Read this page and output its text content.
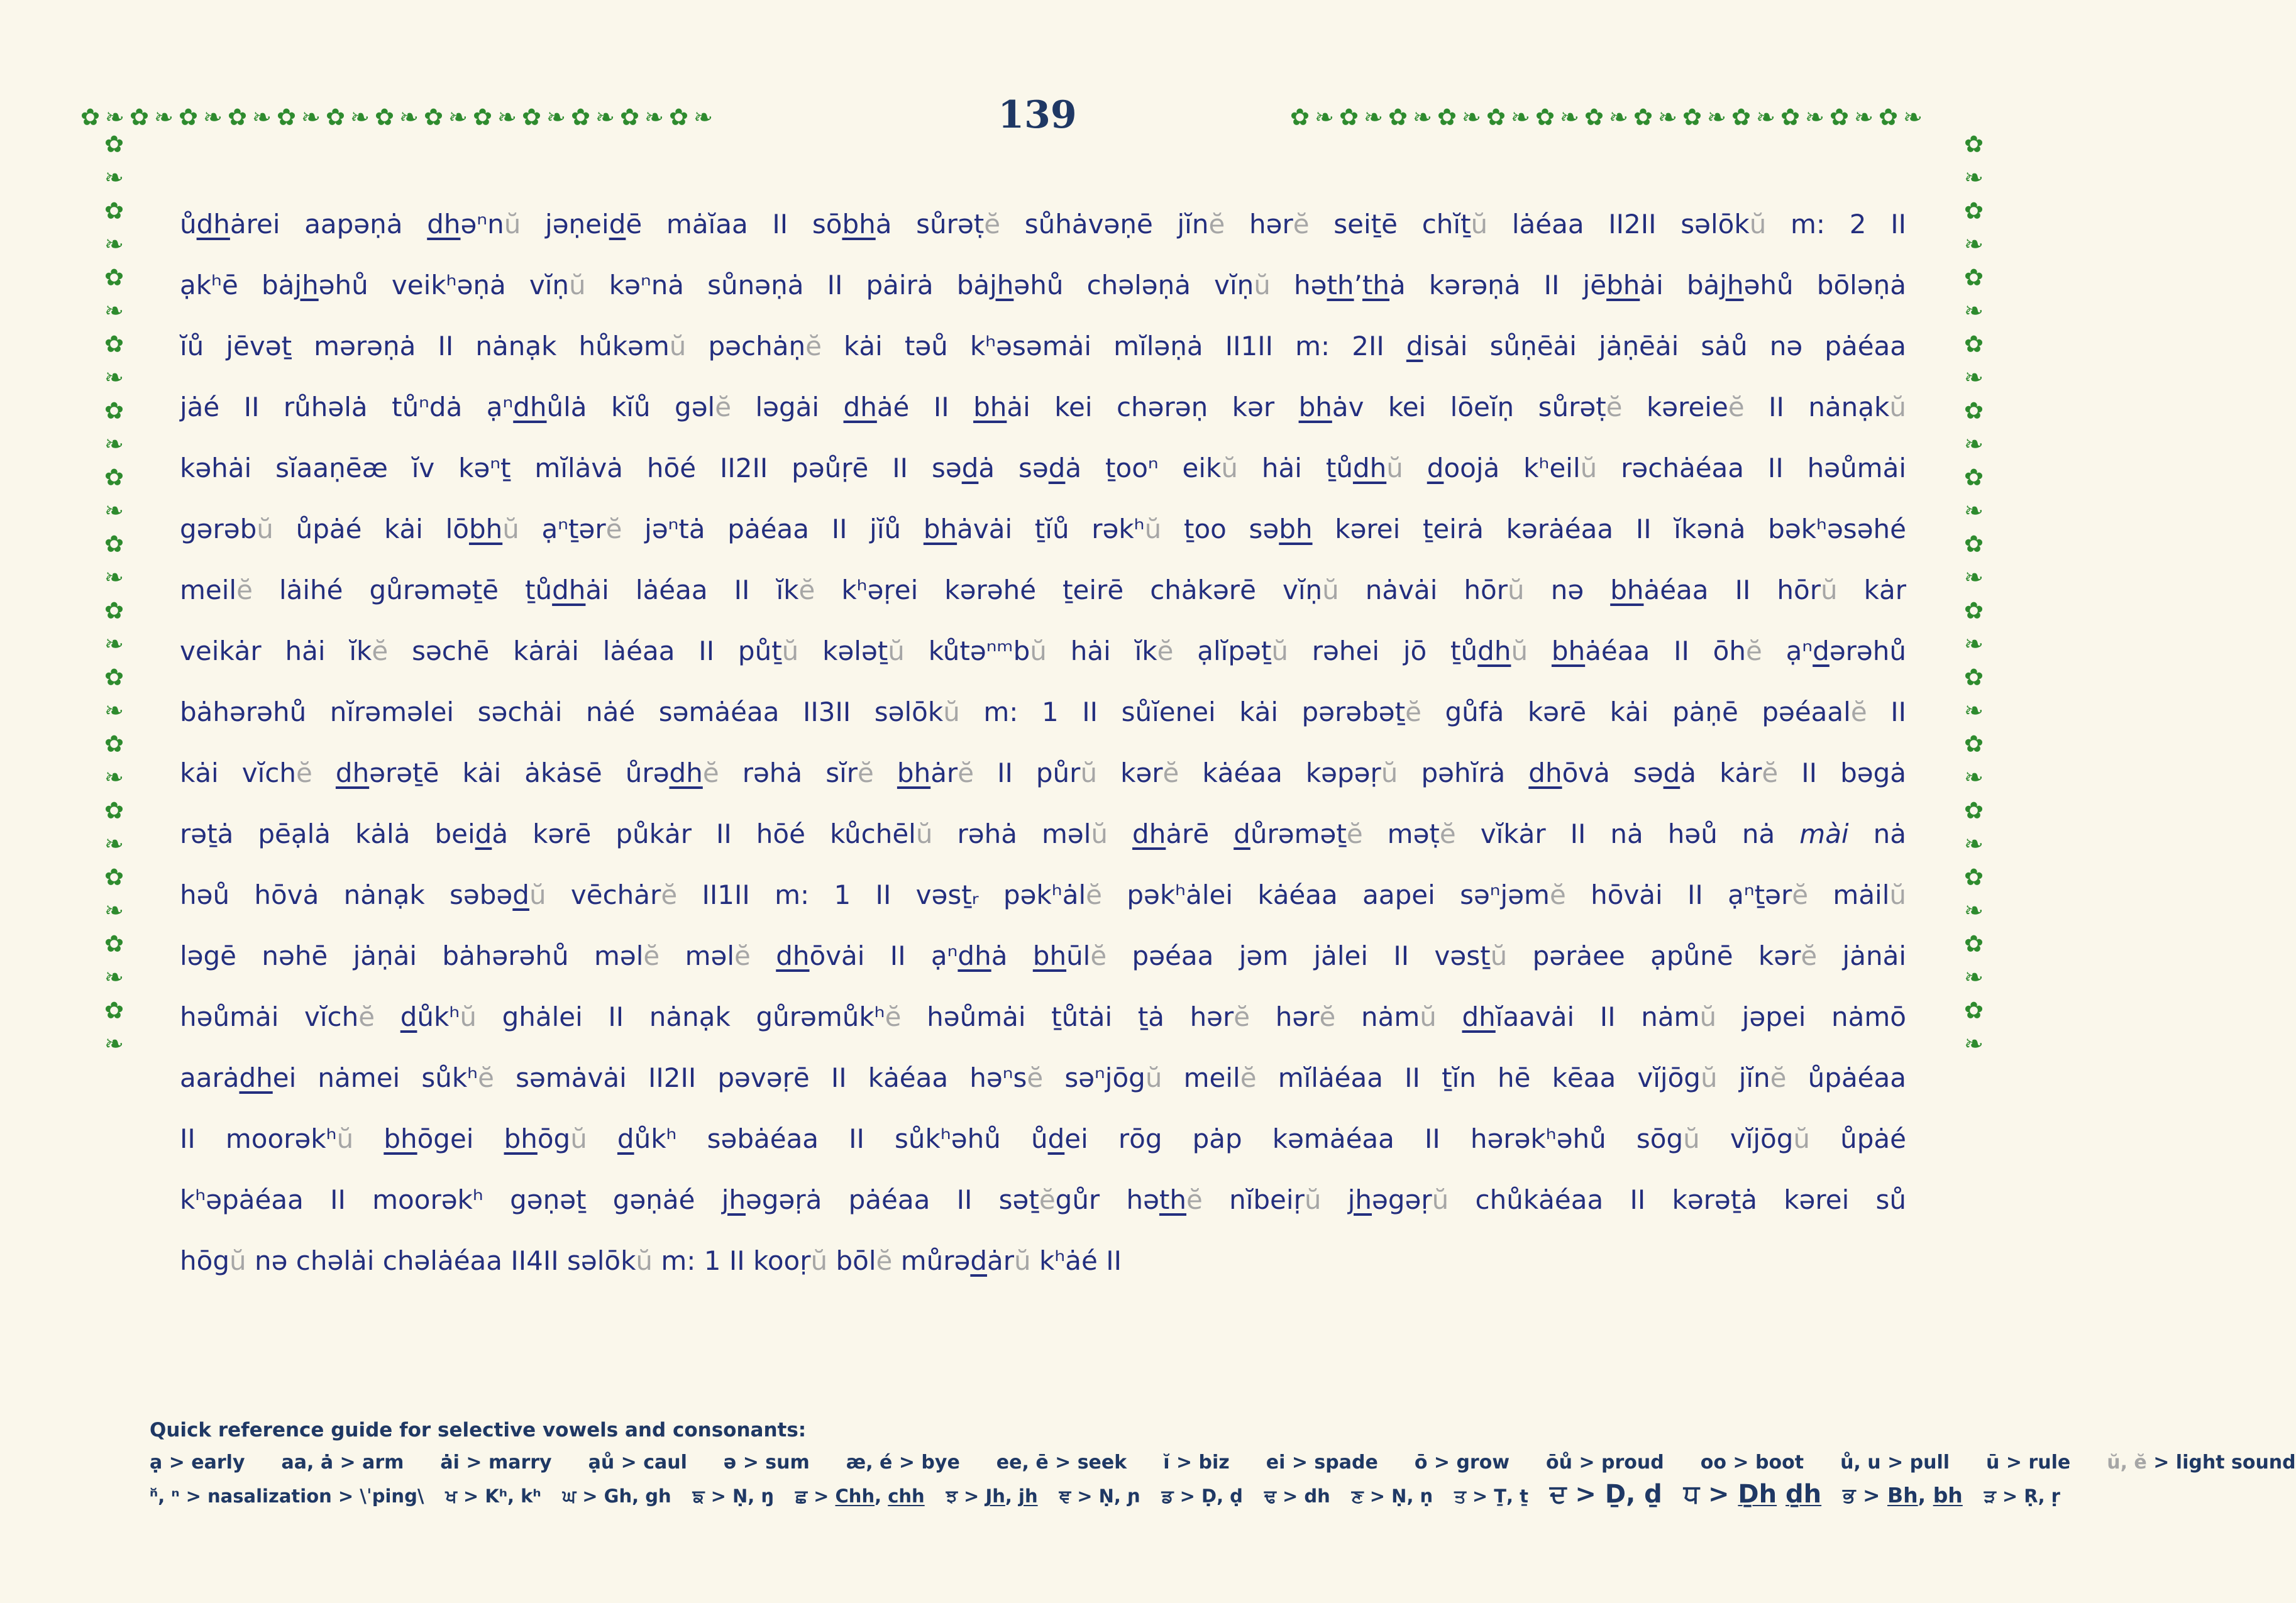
✿❧✿❧✿❧✿❧✿❧✿❧✿❧✿❧✿❧✿❧✿❧✿❧✿❧	139	✿❧✿❧✿❧✿❧✿❧✿❧✿❧✿❧✿❧✿❧✿❧✿❧✿❧
✿❧✿❧✿❧✿❧✿❧✿❧✿❧✿❧✿❧✿❧✿❧✿❧✿❧✿❧	✿❧✿❧✿❧✿❧✿❧✿❧✿❧✿❧✿❧✿❧✿❧✿❧✿❧✿❧
ůdhȧrei aapəṇȧ dhəⁿnŭ jəṇeidē mȧĭaa II sōbhȧ sůrəṭĕ sůhȧvəṇē jĭnĕ hərĕ seiṯē chĭṯŭ lȧéaa II2II səlōkŭ m: 2 II
ạkʰē bȧjhəhů veikʰəṇȧ vĭṇŭ kəⁿnȧ sůnəṇȧ II pȧirȧ bȧjhəhů chələṇȧ vĭṇŭ həth’thȧ kərəṇȧ II jēbhȧi bȧjhəhů bōləṇȧ
ĭů jēvəṯ mərəṇȧ II nȧnạk hůkəmŭ pəchȧṇĕ kȧi təů kʰəsəmȧi mĭləṇȧ II1II m: 2II disȧi sůṇēȧi jȧṇēȧi sȧů nə pȧéaa
jȧé II růhəlȧ tůⁿdȧ ạⁿdhůlȧ kĭů gəlĕ ləgȧi dhȧé II bhȧi kei chərəṇ kər bhȧv kei lōeĭṇ sůrəṭĕ kəreieĕ II nȧnạkŭ
kəhȧi sĭaaṇēæ ĭv kəⁿṯ mĭlȧvȧ hōé II2II pəůṛē II sədȧ sədȧ ṯooⁿ eikŭ hȧi ṯůdhŭ doojȧ kʰeilŭ rəchȧéaa II həůmȧi
gərəbŭ ůpȧé kȧi lōbhŭ ạⁿṯərĕ jəⁿtȧ pȧéaa II jĭů bhȧvȧi ṯĭů rəkʰŭ ṯoo səbh kərei ṯeirȧ kərȧéaa II ĭkənȧ bəkʰəsəhé
meilĕ lȧihé gůrəməṯē ṯůdhȧi lȧéaa II ĭkĕ kʰəṛei kərəhé ṯeirē chȧkərē vĭṇŭ nȧvȧi hōrŭ nə bhȧéaa II hōrŭ kȧr
veikȧr hȧi ĭkĕ səchē kȧrȧi lȧéaa II půṯŭ kələṯŭ kůtəⁿᵐbŭ hȧi ĭkĕ ạlĭpəṯŭ rəhei jō ṯůdhŭ bhȧéaa II ōhĕ ạⁿdərəhů
bȧhərəhů nĭrəməlei səchȧi nȧé səmȧéaa II3II səlōkŭ m: 1 II sůĭenei kȧi pərəbəṯĕ gůfȧ kərē kȧi pȧṇē pəéaalĕ II
kȧi vĭchĕ dhərəṯē kȧi ȧkȧsē ůrədhĕ rəhȧ sĭrĕ bhȧrĕ II půrŭ kərĕ kȧéaa kəpəṛŭ pəhĭrȧ dhōvȧ sədȧ kȧrĕ II bəgȧ
rəṯȧ pēạlȧ kȧlȧ beidȧ kərē půkȧr II hōé kůchēlŭ rəhȧ məlŭ dhȧrē důrəməṯĕ məṭĕ vĭkȧr II nȧ həů nȧ mài nȧ
həů hōvȧ nȧnạk səbədŭ vēchȧrĕ II1II m: 1 II vəsṯᵣ pəkʰȧlĕ pəkʰȧlei kȧéaa aapei səⁿjəmĕ hōvȧi II ạⁿṯərĕ mȧilŭ
ləgē nəhē jȧṇȧi bȧhərəhů məlĕ məlĕ dhōvȧi II ạⁿdhȧ bhūlĕ pəéaa jəm jȧlei II vəsṯŭ pərȧee ạpůnē kərĕ jȧnȧi
həůmȧi vĭchĕ důkʰŭ ghȧlei II nȧnạk gůrəmůkʰĕ həůmȧi ṯůtȧi ṯȧ hərĕ hərĕ nȧmŭ dhĭaavȧi II nȧmŭ jəpei nȧmō
aarȧdhei nȧmei sůkʰĕ səmȧvȧi II2II pəvəṛē II kȧéaa həⁿsĕ səⁿjōgŭ meilĕ mĭlȧéaa II ṯĭn hē kēaa vĭjōgŭ jĭnĕ ůpȧéaa
II moorəkʰŭ bhōgei bhōgŭ důkʰ səbȧéaa II sůkʰəhů ůdei rōg pȧp kəmȧéaa II hərəkʰəhů sōgŭ vĭjōgŭ ůpȧé
kʰəpȧéaa II moorəkʰ gəṇəṯ gəṇȧé jhəgəṛȧ pȧéaa II səṯĕgůr həthĕ nĭbeiṛŭ jhəgəṛŭ chůkȧéaa II kərəṯȧ kərei sů
hōgŭ nə chəlȧi chəlȧéaa II4II səlōkŭ m: 1 II kooṛŭ bōlĕ můrədȧrŭ kʰȧé II
Quick reference guide for selective vowels and consonants:
ạ > early aa, ȧ > arm ȧi > marry ạů > caul ə > sum æ, é > bye ee, ē > seek ĭ > biz ei > spade ō > grow ōů > proud oo > boot ů, u > pull ū > rule ŭ, ĕ > light sound
ⁿ̆, ⁿ > nasalization > \ˈping\ ਖ > Kʰ, kʰ ਘ > Gh, gh ਙ > Ṇ, ŋ ਛ > Chh, chh ਝ > Jh, jh ਞ > Ṇ, ɲ ਡ > Ḍ, ḍ ਢ > dh ਣ > Ṇ, ṇ ਤ > Ṯ, ṯ ਦ > Ḏ, ḏ ਧ > Ḏh ḏh ਭ > Bh, bh ੜ > Ṛ, ṛ
